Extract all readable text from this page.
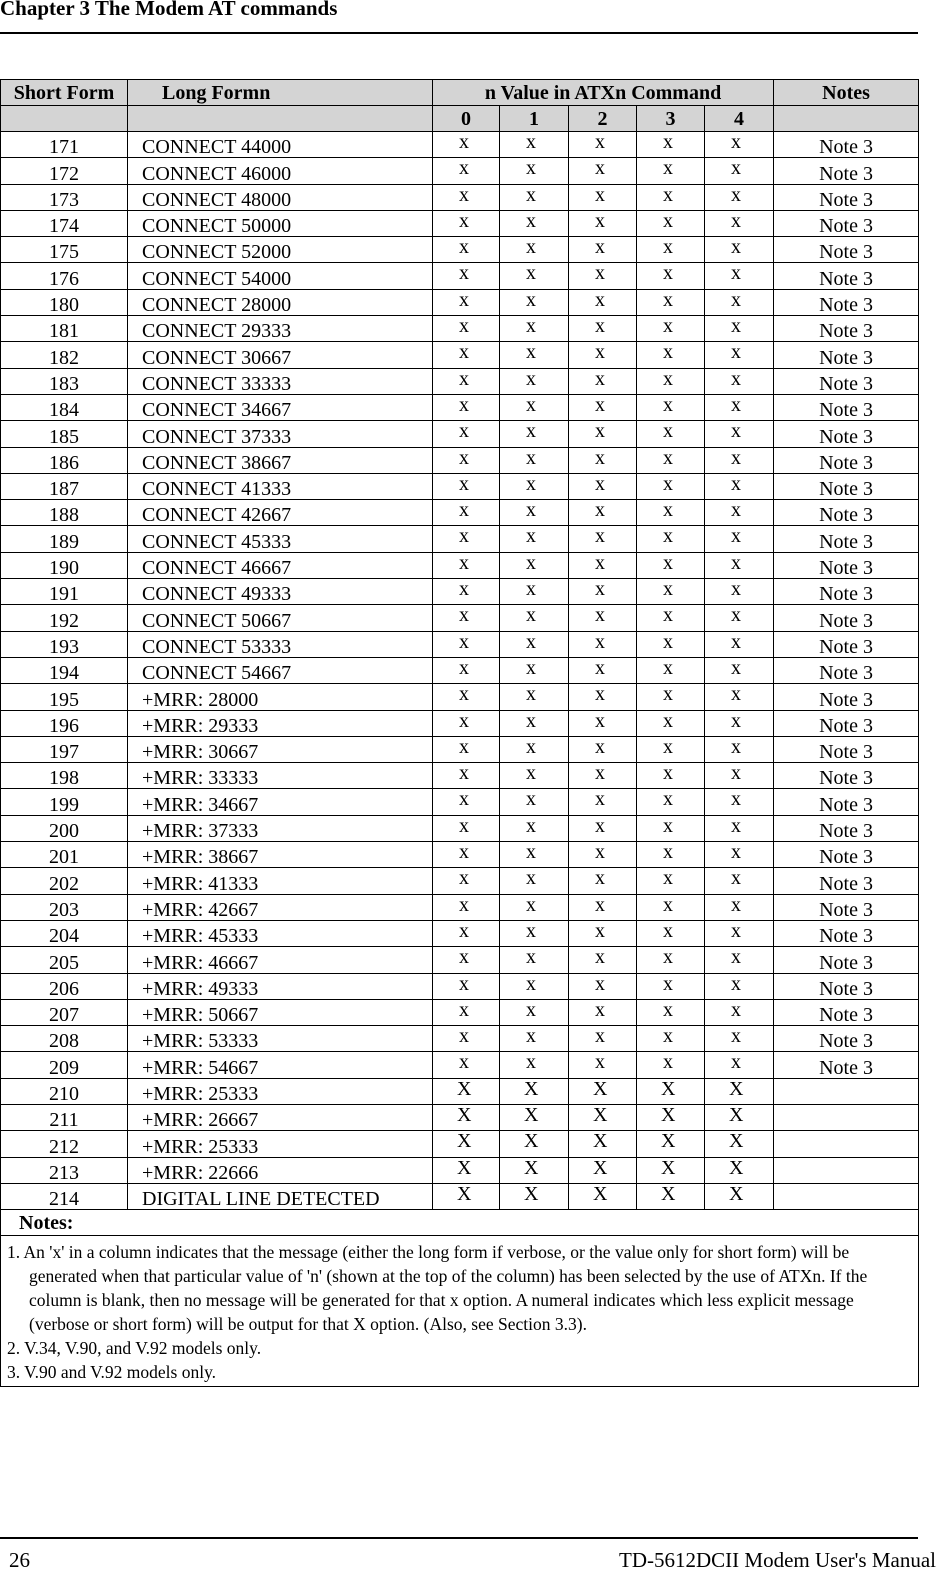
Chapter 3 The Modem AT commands
Short Form	Long Formn	n Value in ATXn Command					Notes
		0	1	2	3	4	
171	CONNECT 44000	x	x	x	x	x	Note 3
172	CONNECT 46000	x	x	x	x	x	Note 3
173	CONNECT 48000	x	x	x	x	x	Note 3
174	CONNECT 50000	x	x	x	x	x	Note 3
175	CONNECT 52000	x	x	x	x	x	Note 3
176	CONNECT 54000	x	x	x	x	x	Note 3
180	CONNECT 28000	x	x	x	x	x	Note 3
181	CONNECT 29333	x	x	x	x	x	Note 3
182	CONNECT 30667	x	x	x	x	x	Note 3
183	CONNECT 33333	x	x	x	x	x	Note 3
184	CONNECT 34667	x	x	x	x	x	Note 3
185	CONNECT 37333	x	x	x	x	x	Note 3
186	CONNECT 38667	x	x	x	x	x	Note 3
187	CONNECT 41333	x	x	x	x	x	Note 3
188	CONNECT 42667	x	x	x	x	x	Note 3
189	CONNECT 45333	x	x	x	x	x	Note 3
190	CONNECT 46667	x	x	x	x	x	Note 3
191	CONNECT 49333	x	x	x	x	x	Note 3
192	CONNECT 50667	x	x	x	x	x	Note 3
193	CONNECT 53333	x	x	x	x	x	Note 3
194	CONNECT 54667	x	x	x	x	x	Note 3
195	+MRR: 28000	x	x	x	x	x	Note 3
196	+MRR: 29333	x	x	x	x	x	Note 3
197	+MRR: 30667	x	x	x	x	x	Note 3
198	+MRR: 33333	x	x	x	x	x	Note 3
199	+MRR: 34667	x	x	x	x	x	Note 3
200	+MRR: 37333	x	x	x	x	x	Note 3
201	+MRR: 38667	x	x	x	x	x	Note 3
202	+MRR: 41333	x	x	x	x	x	Note 3
203	+MRR: 42667	x	x	x	x	x	Note 3
204	+MRR: 45333	x	x	x	x	x	Note 3
205	+MRR: 46667	x	x	x	x	x	Note 3
206	+MRR: 49333	x	x	x	x	x	Note 3
207	+MRR: 50667	x	x	x	x	x	Note 3
208	+MRR: 53333	x	x	x	x	x	Note 3
209	+MRR: 54667	x	x	x	x	x	Note 3
210	+MRR: 25333	X	X	X	X	X	
211	+MRR: 26667	X	X	X	X	X	
212	+MRR: 25333	X	X	X	X	X	
213	+MRR: 22666	X	X	X	X	X	
214	DIGITAL LINE DETECTED	X	X	X	X	X	
Notes:							

1. An 'x' in a column indicates that the message (either the long form if verbose, or the value only for short form) will be generated when that particular value of 'n' (shown at the top of the column) has been selected by the use of ATXn. If the column is blank, then no message will be generated for that x option. A numeral indicates which less explicit message (verbose or short form) will be output for that X option. (Also, see Section 3.3).

2. V.34, V.90, and V.92 models only.

3. V.90 and V.92 models only.							

26	TD-5612DCII Modem User's Manual
